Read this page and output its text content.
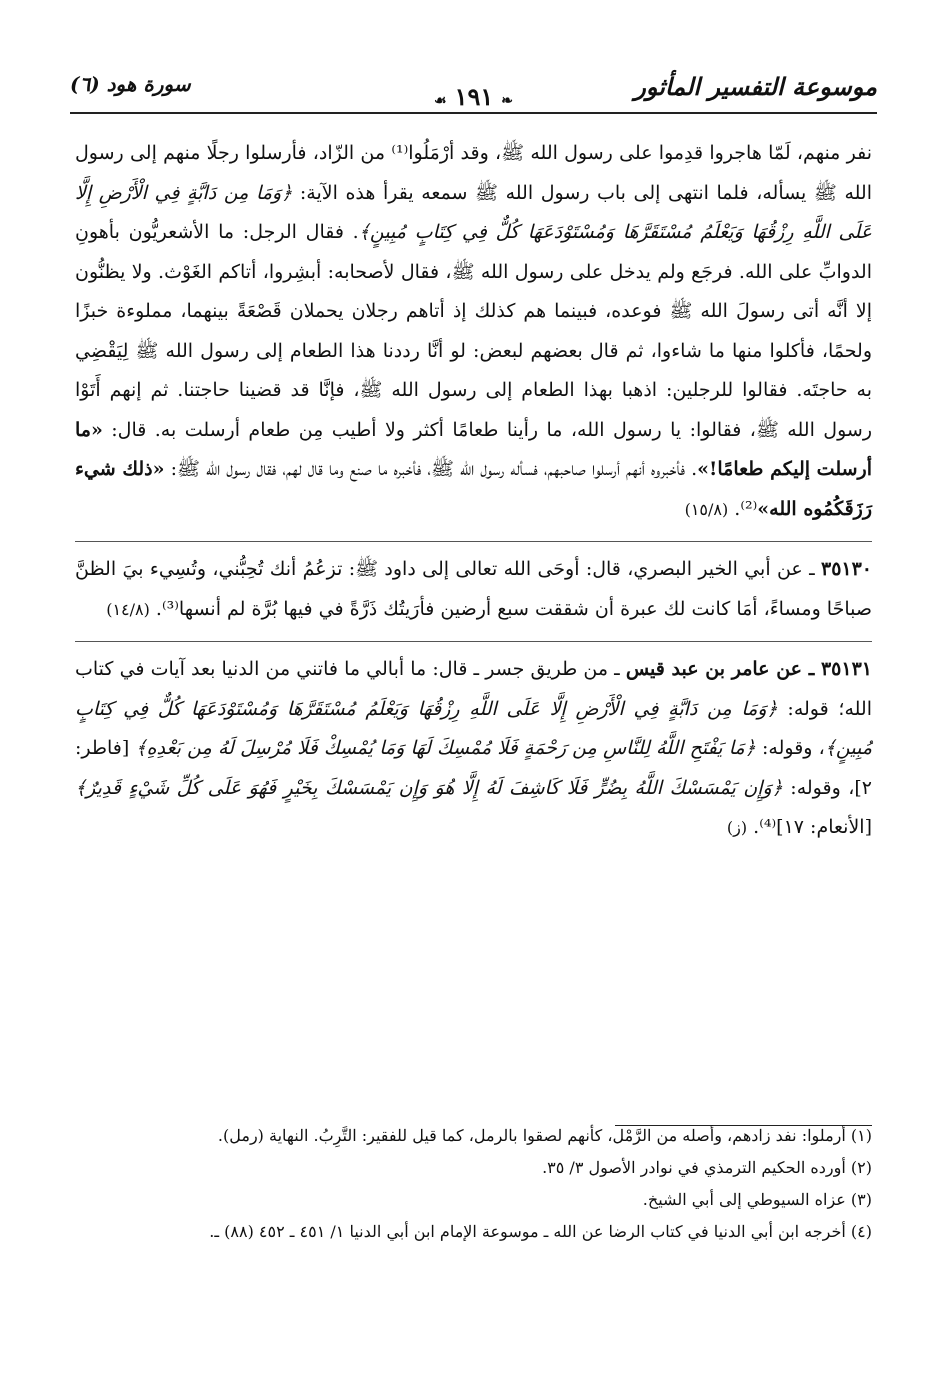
موسوعة التفسير المأثور
❧١٩١☙
سورة هود (٦)

نفر منهم، لَمّا هاجروا قدِموا على رسول الله ﷺ، وقد أرْمَلُوا⁽¹⁾ من الزّاد، فأرسلوا رجلًا منهم إلى رسول الله ﷺ يسأله، فلما انتهى إلى باب رسول الله ﷺ سمعه يقرأ هذه الآية: ﴿وَمَا مِن دَابَّةٍ فِي الْأَرْضِ إِلَّا عَلَى اللَّهِ رِزْقُهَا وَيَعْلَمُ مُسْتَقَرَّهَا وَمُسْتَوْدَعَهَا كُلٌّ فِي كِتَابٍ مُبِينٍ﴾. فقال الرجل: ما الأشعريُّون بأهونِ الدوابِّ على الله. فرجَع ولم يدخل على رسول الله ﷺ، فقال لأصحابه: أبشِروا، أتاكم الغَوْث. ولا يظنُّون إلا أنَّه أتى رسولَ الله ﷺ فوعده، فبينما هم كذلك إذ أتاهم رجلان يحملان قَصْعَةً بينهما، مملوءة خبزًا ولحمًا، فأكلوا منها ما شاءوا، ثم قال بعضهم لبعض: لو أنَّا رددنا هذا الطعام إلى رسول الله ﷺ لِيَقْضِي به حاجتَه. فقالوا للرجلين: اذهبا بهذا الطعام إلى رسول الله ﷺ، فإنَّا قد قضينا حاجتنا. ثم إنهم أَتَوْا رسول الله ﷺ، فقالوا: يا رسول الله، ما رأينا طعامًا أكثر ولا أطيب مِن طعام أرسلت به. قال: «ما أرسلت إليكم طعامًا!». فأخبروه أنهم أرسلوا صاحبهم، فسأله رسول الله ﷺ، فأخبره ما صنع وما قال لهم، فقال رسول الله ﷺ: «ذلك شيء رَزَقَكُمُوه الله»⁽²⁾. (١٥/٨)

٣٥١٣٠ ـ عن أبي الخير البصري، قال: أوحَى الله تعالى إلى داود ﷺ: تزعُمُ أنك تُحِبُّني، وتُسِيء بيَ الظنَّ صباحًا ومساءً، أمَا كانت لك عبرة أن شققت سبع أرضين فأرَيتُك ذَرَّةً في فيها بُرَّة لم أنسها⁽³⁾. (١٤/٨)

٣٥١٣١ ـ عن عامر بن عبد قيس ـ من طريق جسر ـ قال: ما أبالي ما فاتني من الدنيا بعد آيات في كتاب الله؛ قوله: ﴿وَمَا مِن دَابَّةٍ فِي الْأَرْضِ إِلَّا عَلَى اللَّهِ رِزْقُهَا وَيَعْلَمُ مُسْتَقَرَّهَا وَمُسْتَوْدَعَهَا كُلٌّ فِي كِتَابٍ مُبِينٍ﴾، وقوله: ﴿مَا يَفْتَحِ اللَّهُ لِلنَّاسِ مِن رَحْمَةٍ فَلَا مُمْسِكَ لَهَا وَمَا يُمْسِكْ فَلَا مُرْسِلَ لَهُ مِن بَعْدِهِ﴾ [فاطر: ٢]، وقوله: ﴿وَإِن يَمْسَسْكَ اللَّهُ بِضُرٍّ فَلَا كَاشِفَ لَهُ إِلَّا هُوَ وَإِن يَمْسَسْكَ بِخَيْرٍ فَهُوَ عَلَى كُلِّ شَيْءٍ قَدِيرٌ﴾ [الأنعام: ١٧]⁽⁴⁾. (ز)

(١) أرملوا: نفد زادهم، وأصله من الرَّمْل، كأنهم لصقوا بالرمل، كما قيل للفقير: التَّرِبُ. النهاية (رمل).

(٢) أورده الحكيم الترمذي في نوادر الأصول ٣/ ٣٥.

(٣) عزاه السيوطي إلى أبي الشيخ.

(٤) أخرجه ابن أبي الدنيا في كتاب الرضا عن الله ـ موسوعة الإمام ابن أبي الدنيا ١/ ٤٥١ ـ ٤٥٢ (٨٨) ـ.
